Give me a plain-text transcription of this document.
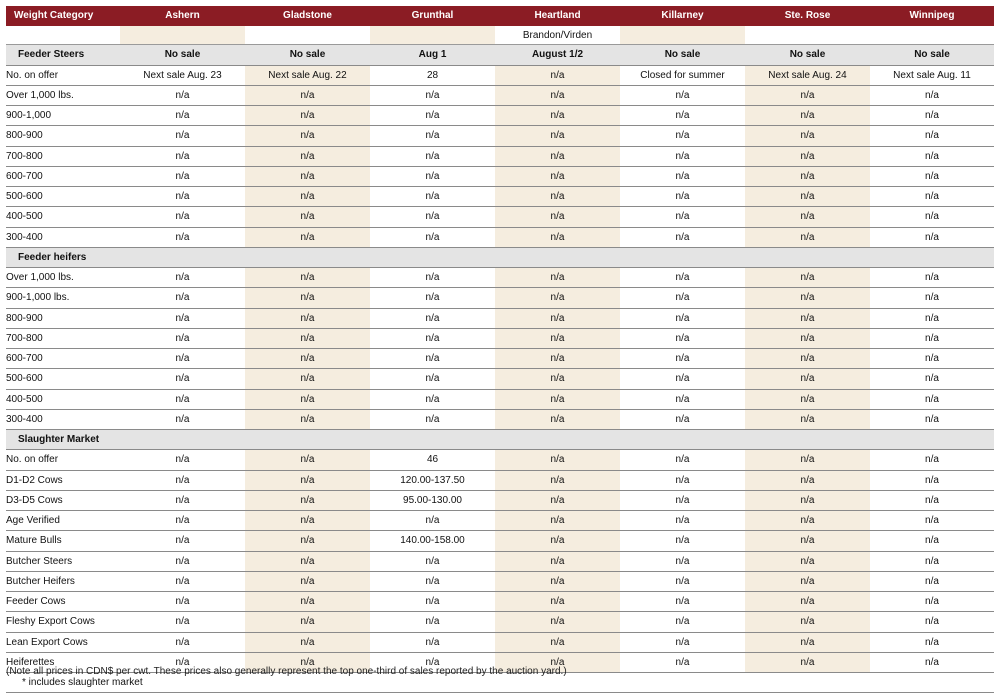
Weight Category	Ashern	Gladstone	Grunthal	Heartland	Killarney	Ste. Rose	Winnipeg
				Brandon/Virden			
Feeder Steers	No sale	No sale	Aug 1	August 1/2	No sale	No sale	No sale
No. on offer	Next sale Aug. 23	Next sale Aug. 22	28	n/a	Closed for summer	Next sale Aug. 24	Next sale Aug. 11
Over 1,000 lbs.	n/a	n/a	n/a	n/a	n/a	n/a	n/a
900-1,000	n/a	n/a	n/a	n/a	n/a	n/a	n/a
800-900	n/a	n/a	n/a	n/a	n/a	n/a	n/a
700-800	n/a	n/a	n/a	n/a	n/a	n/a	n/a
600-700	n/a	n/a	n/a	n/a	n/a	n/a	n/a
500-600	n/a	n/a	n/a	n/a	n/a	n/a	n/a
400-500	n/a	n/a	n/a	n/a	n/a	n/a	n/a
300-400	n/a	n/a	n/a	n/a	n/a	n/a	n/a
Feeder heifers							
Over 1,000 lbs.	n/a	n/a	n/a	n/a	n/a	n/a	n/a
900-1,000 lbs.	n/a	n/a	n/a	n/a	n/a	n/a	n/a
800-900	n/a	n/a	n/a	n/a	n/a	n/a	n/a
700-800	n/a	n/a	n/a	n/a	n/a	n/a	n/a
600-700	n/a	n/a	n/a	n/a	n/a	n/a	n/a
500-600	n/a	n/a	n/a	n/a	n/a	n/a	n/a
400-500	n/a	n/a	n/a	n/a	n/a	n/a	n/a
300-400	n/a	n/a	n/a	n/a	n/a	n/a	n/a
Slaughter Market							
No. on offer	n/a	n/a	46	n/a	n/a	n/a	n/a
D1-D2 Cows	n/a	n/a	120.00-137.50	n/a	n/a	n/a	n/a
D3-D5 Cows	n/a	n/a	95.00-130.00	n/a	n/a	n/a	n/a
Age Verified	n/a	n/a	n/a	n/a	n/a	n/a	n/a
Mature Bulls	n/a	n/a	140.00-158.00	n/a	n/a	n/a	n/a
Butcher Steers	n/a	n/a	n/a	n/a	n/a	n/a	n/a
Butcher Heifers	n/a	n/a	n/a	n/a	n/a	n/a	n/a
Feeder Cows	n/a	n/a	n/a	n/a	n/a	n/a	n/a
Fleshy Export Cows	n/a	n/a	n/a	n/a	n/a	n/a	n/a
Lean Export Cows	n/a	n/a	n/a	n/a	n/a	n/a	n/a
Heiferettes	n/a	n/a	n/a	n/a	n/a	n/a	n/a
* includes slaughter market							
(Note all prices in CDN$ per cwt. These prices also generally represent the top one-third of sales reported by the auction yard.)
